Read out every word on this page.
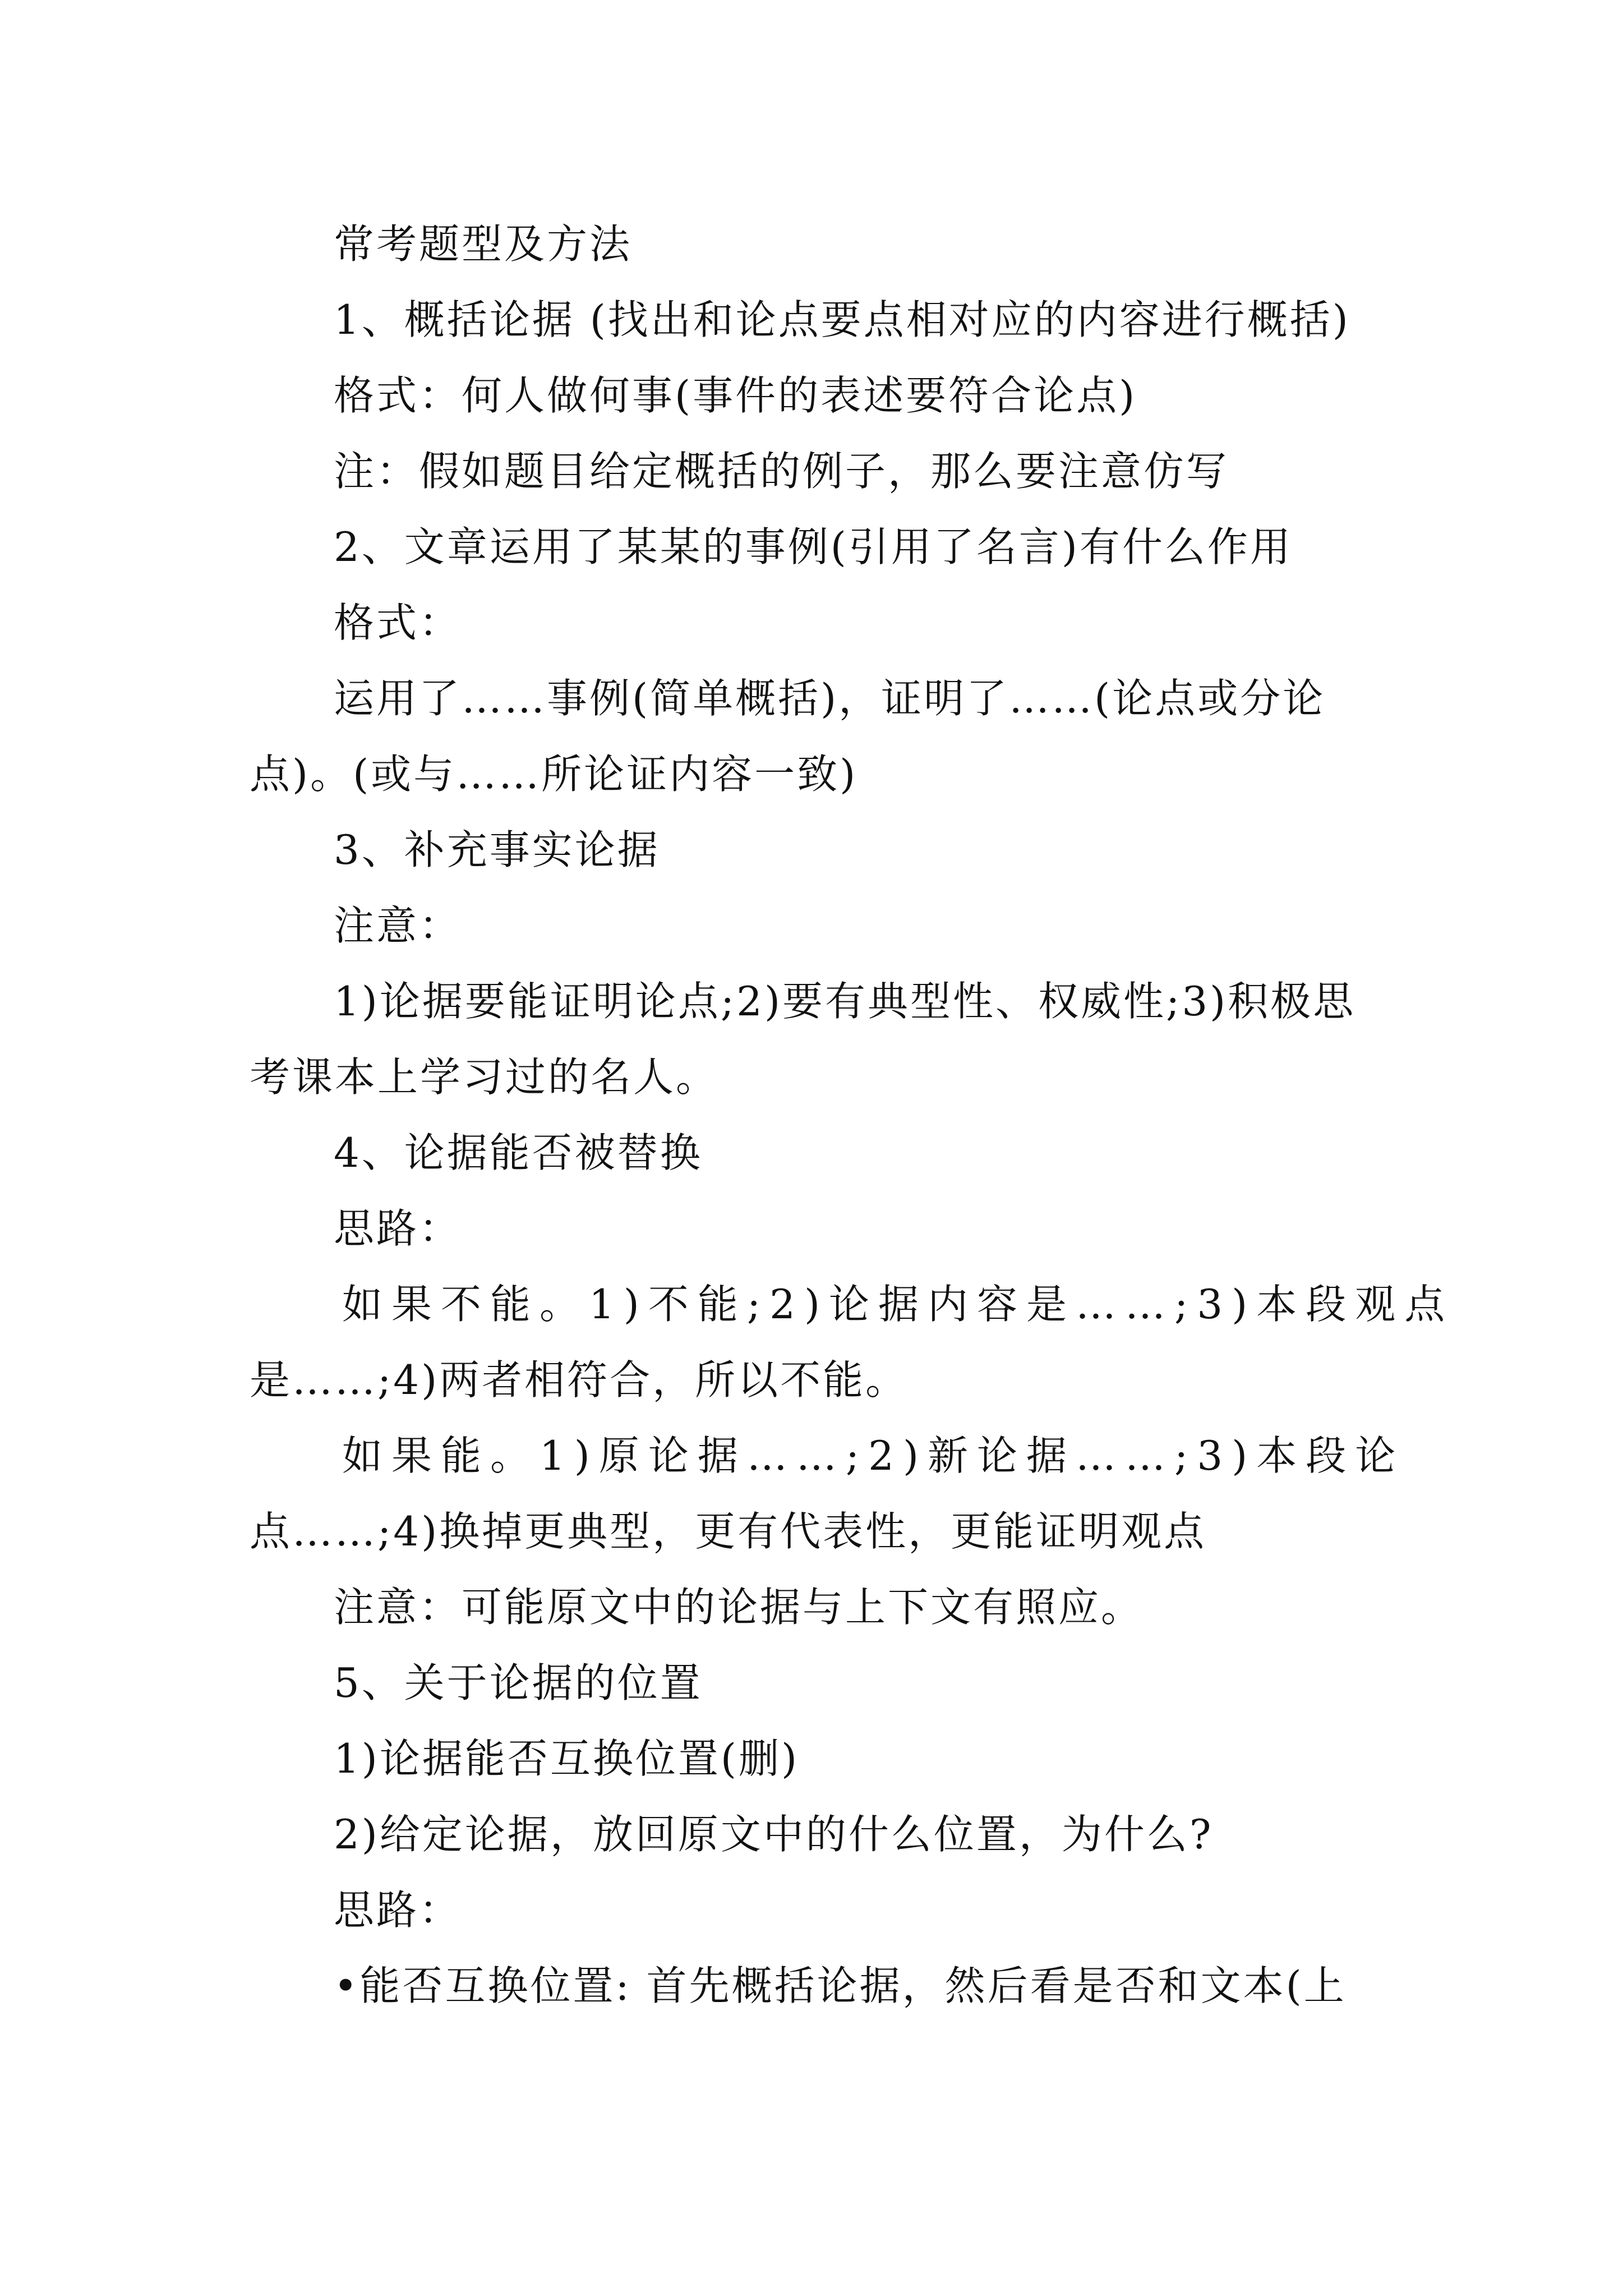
常考题型及方法
1、概括论据 (找出和论点要点相对应的内容进行概括)
格式：何人做何事(事件的表述要符合论点)
注：假如题目给定概括的例子，那么要注意仿写
2、文章运用了某某的事例(引用了名言)有什么作用
格式：
运用了……事例(简单概括)，证明了……(论点或分论
点)。(或与……所论证内容一致)
3、补充事实论据
注意：
1)论据要能证明论点;2)要有典型性、权威性;3)积极思
考课本上学习过的名人。
4、论据能否被替换
思路：
如果不能。1)不能;2)论据内容是……;3)本段观点
是……;4)两者相符合，所以不能。
如果能。1)原论据……;2)新论据……;3)本段论
点……;4)换掉更典型，更有代表性，更能证明观点
注意：可能原文中的论据与上下文有照应。
5、关于论据的位置
1)论据能否互换位置(删)
2)给定论据，放回原文中的什么位置，为什么?
思路：
•能否互换位置: 首先概括论据，然后看是否和文本(上
